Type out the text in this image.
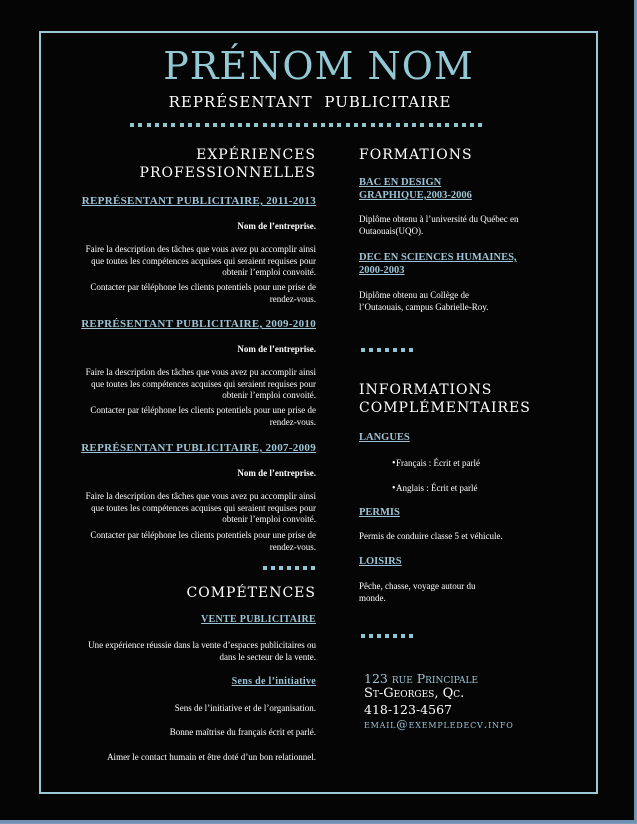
PRÉNOM NOM
REPRÉSENTANT PUBLICITAIRE
EXPÉRIENCES
PROFESSIONNELLES
REPRÉSENTANT PUBLICITAIRE, 2011-2013
Nom de l’entreprise.
Faire la description des tâches que vous avez pu accomplir ainsi que toutes les compétences acquises qui seraient requises pour obtenir l’emploi convoité.
Contacter par téléphone les clients potentiels pour une prise de rendez-vous.
REPRÉSENTANT PUBLICITAIRE, 2009-2010
Nom de l’entreprise.
Faire la description des tâches que vous avez pu accomplir ainsi que toutes les compétences acquises qui seraient requises pour obtenir l’emploi convoité.
Contacter par téléphone les clients potentiels pour une prise de rendez-vous.
REPRÉSENTANT PUBLICITAIRE, 2007-2009
Nom de l’entreprise.
Faire la description des tâches que vous avez pu accomplir ainsi que toutes les compétences acquises qui seraient requises pour obtenir l’emploi convoité.
Contacter par téléphone les clients potentiels pour une prise de rendez-vous.
COMPÉTENCES
VENTE PUBLICITAIRE
Une expérience réussie dans la vente d’espaces publicitaires ou dans le secteur de la vente.
Sens de l’initiative
Sens de l’initiative et de l’organisation.
Bonne maîtrise du français écrit et parlé.
Aimer le contact humain et être doté d’un bon relationnel.
FORMATIONS
BAC EN DESIGN GRAPHIQUE,2003-2006
Diplôme obtenu à l’université du Québec en Outaouais(UQO).
DEC EN SCIENCES HUMAINES, 2000-2003
Diplôme obtenu au Collège de l’Outaouais, campus Gabrielle-Roy.
INFORMATIONS
COMPLÉMENTAIRES
LANGUES
• Français : Écrit et parlé
• Anglais : Écrit et parlé
PERMIS
Permis de conduire classe 5 et véhicule.
LOISIRS
Pêche, chasse, voyage autour du monde.
123 rue Principale
St-Georges, Qc.
418-123-4567
email@exempledecv.info
